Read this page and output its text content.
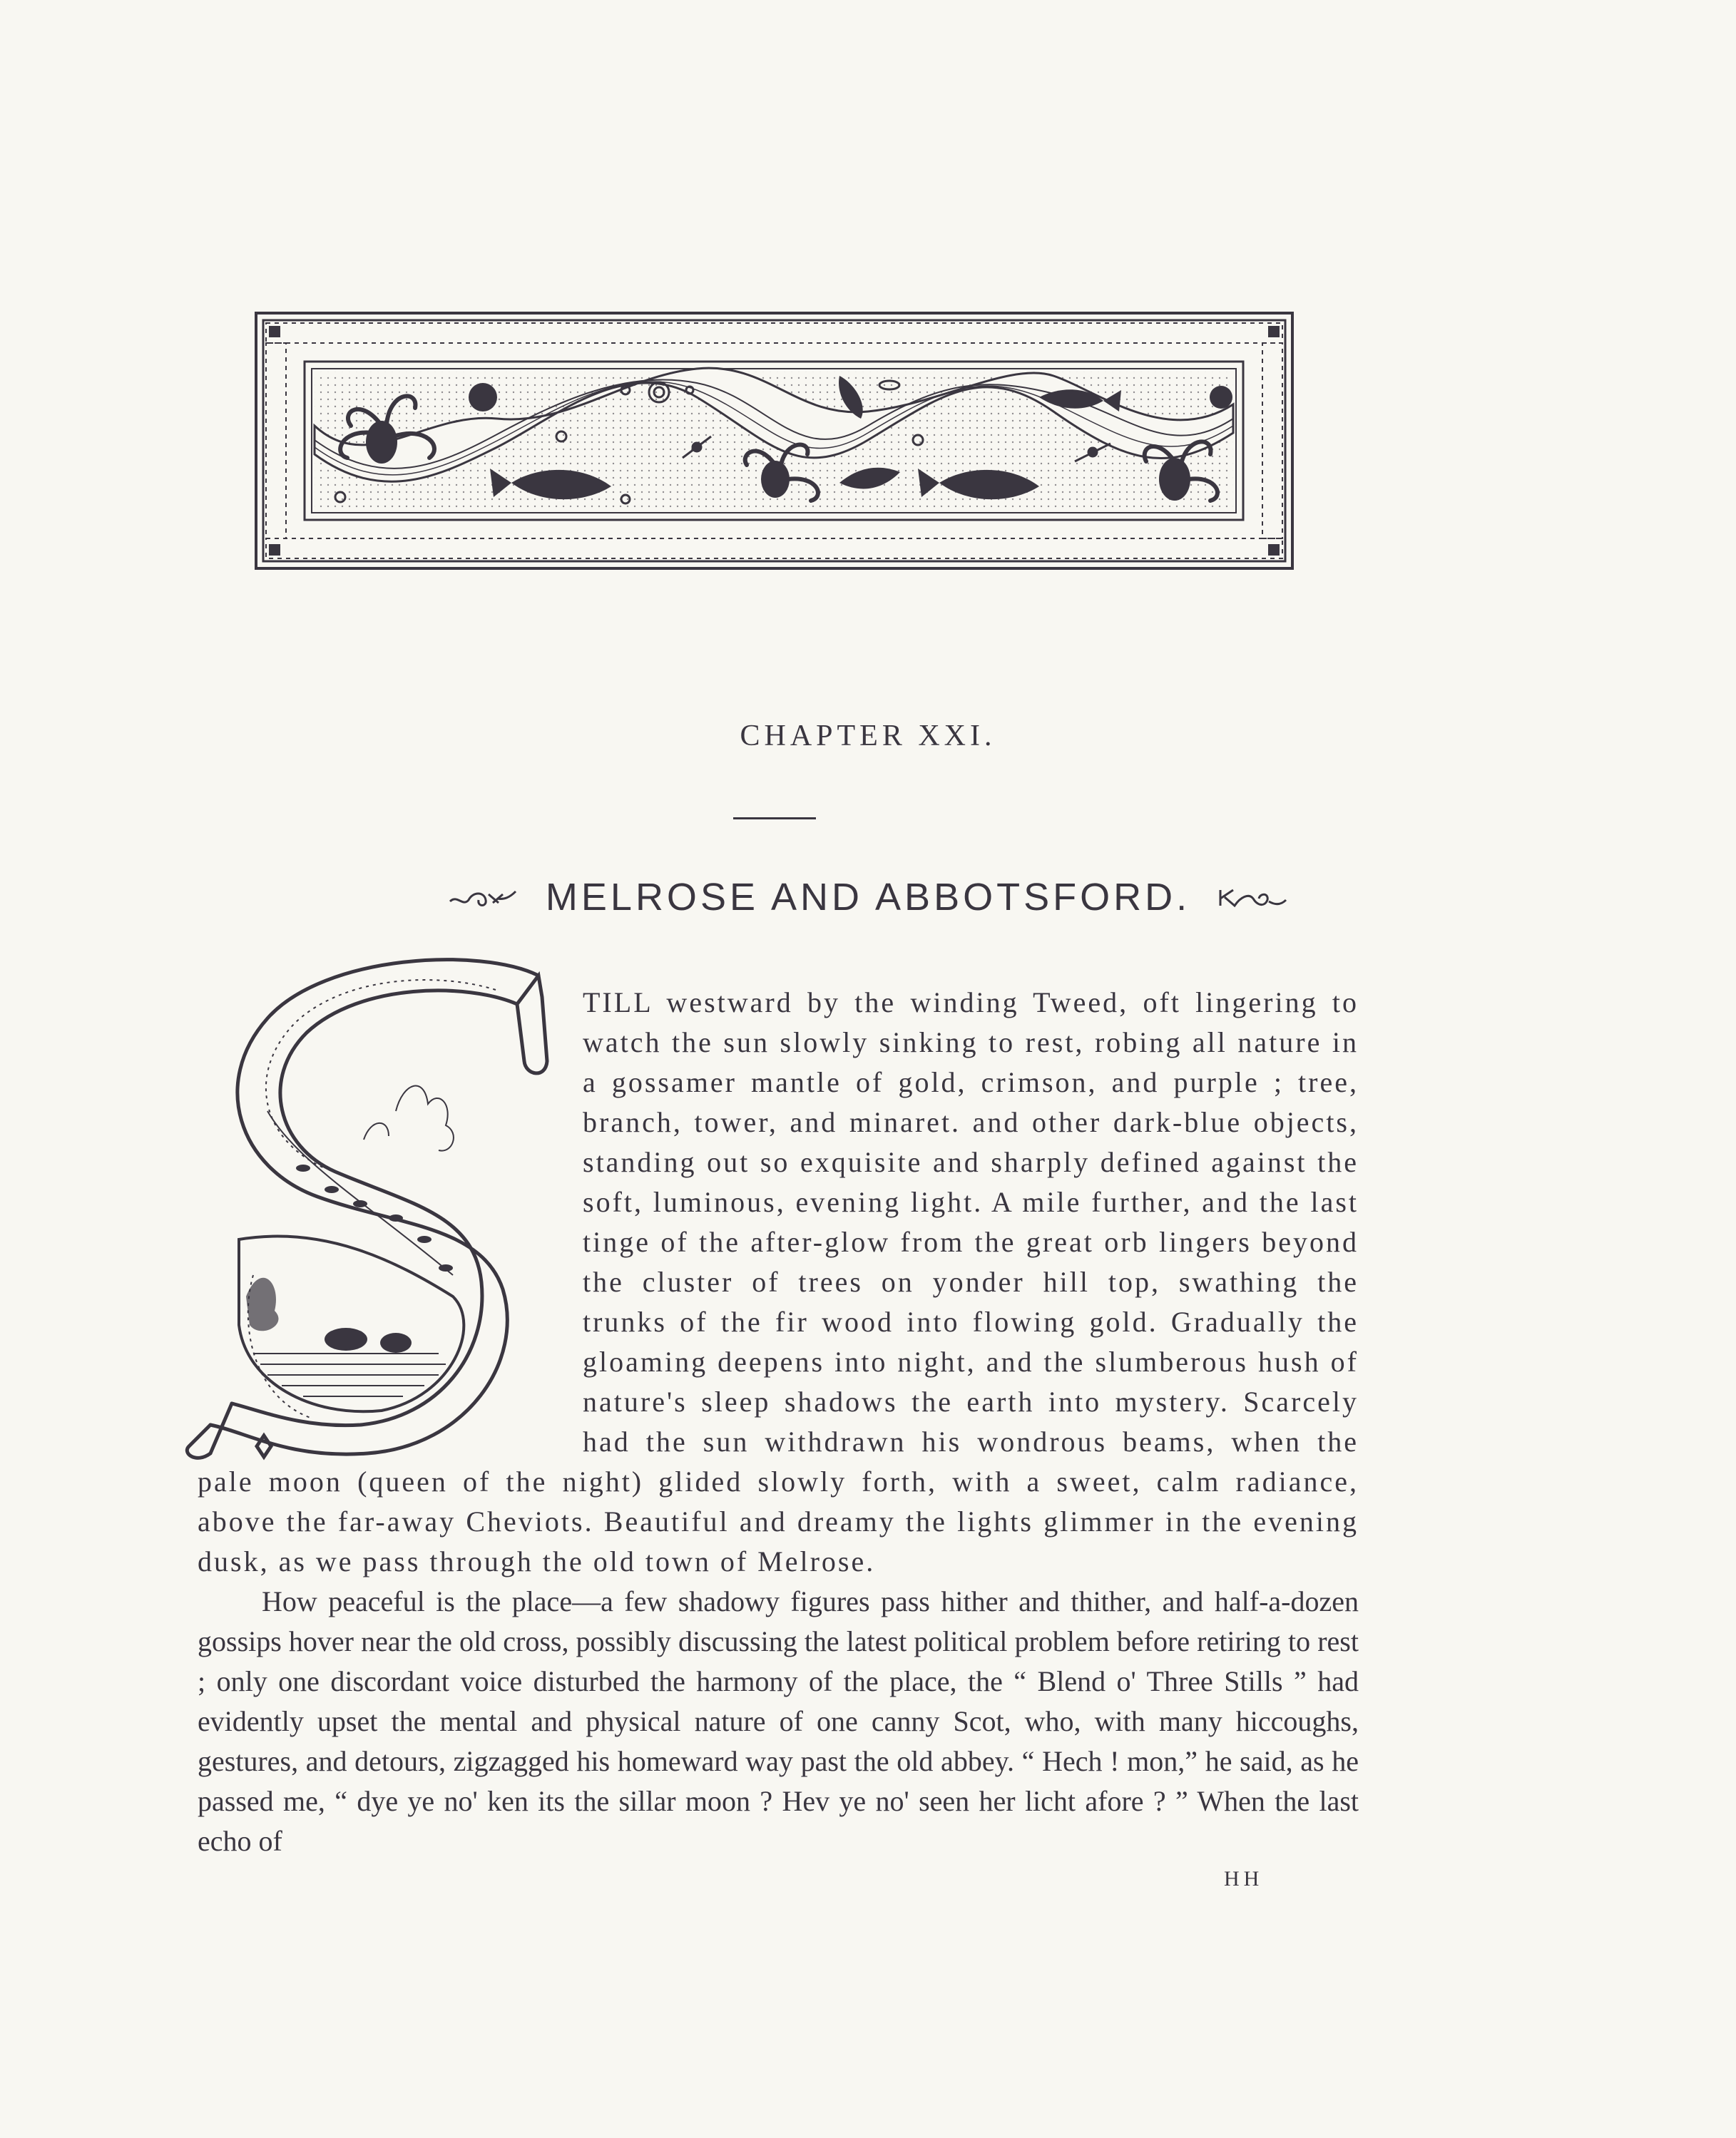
CHAPTER XXI.
MELROSE AND ABBOTSFORD.

TILL westward by the winding Tweed, oft lingering to watch the sun slowly sinking to rest, robing all nature in a gossamer mantle of gold, crimson, and purple ; tree, branch, tower, and minaret. and other dark-blue objects, standing out so exquisite and sharply defined against the soft, luminous, evening light. A mile further, and the last tinge of the after-glow from the great orb lingers beyond the cluster of trees on yonder hill top, swathing the trunks of the fir wood into flowing gold. Gradually the gloaming deepens into night, and the slumberous hush of nature's sleep shadows the earth into mystery. Scarcely had the sun withdrawn his wondrous beams, when the pale moon (queen of the night) glided slowly forth, with a sweet, calm radiance, above the far-away Cheviots. Beautiful and dreamy the lights glimmer in the evening dusk, as we pass through the old town of Melrose.

How peaceful is the place—a few shadowy figures pass hither and thither, and half-a-dozen gossips hover near the old cross, possibly discussing the latest political problem before retiring to rest ; only one discordant voice disturbed the harmony of the place, the “ Blend o' Three Stills ” had evidently upset the mental and physical nature of one canny Scot, who, with many hiccoughs, gestures, and detours, zigzagged his homeward way past the old abbey. “ Hech ! mon,” he said, as he passed me, “ dye ye no' ken its the sillar moon ? Hev ye no' seen her licht afore ? ” When the last echo of

HH
